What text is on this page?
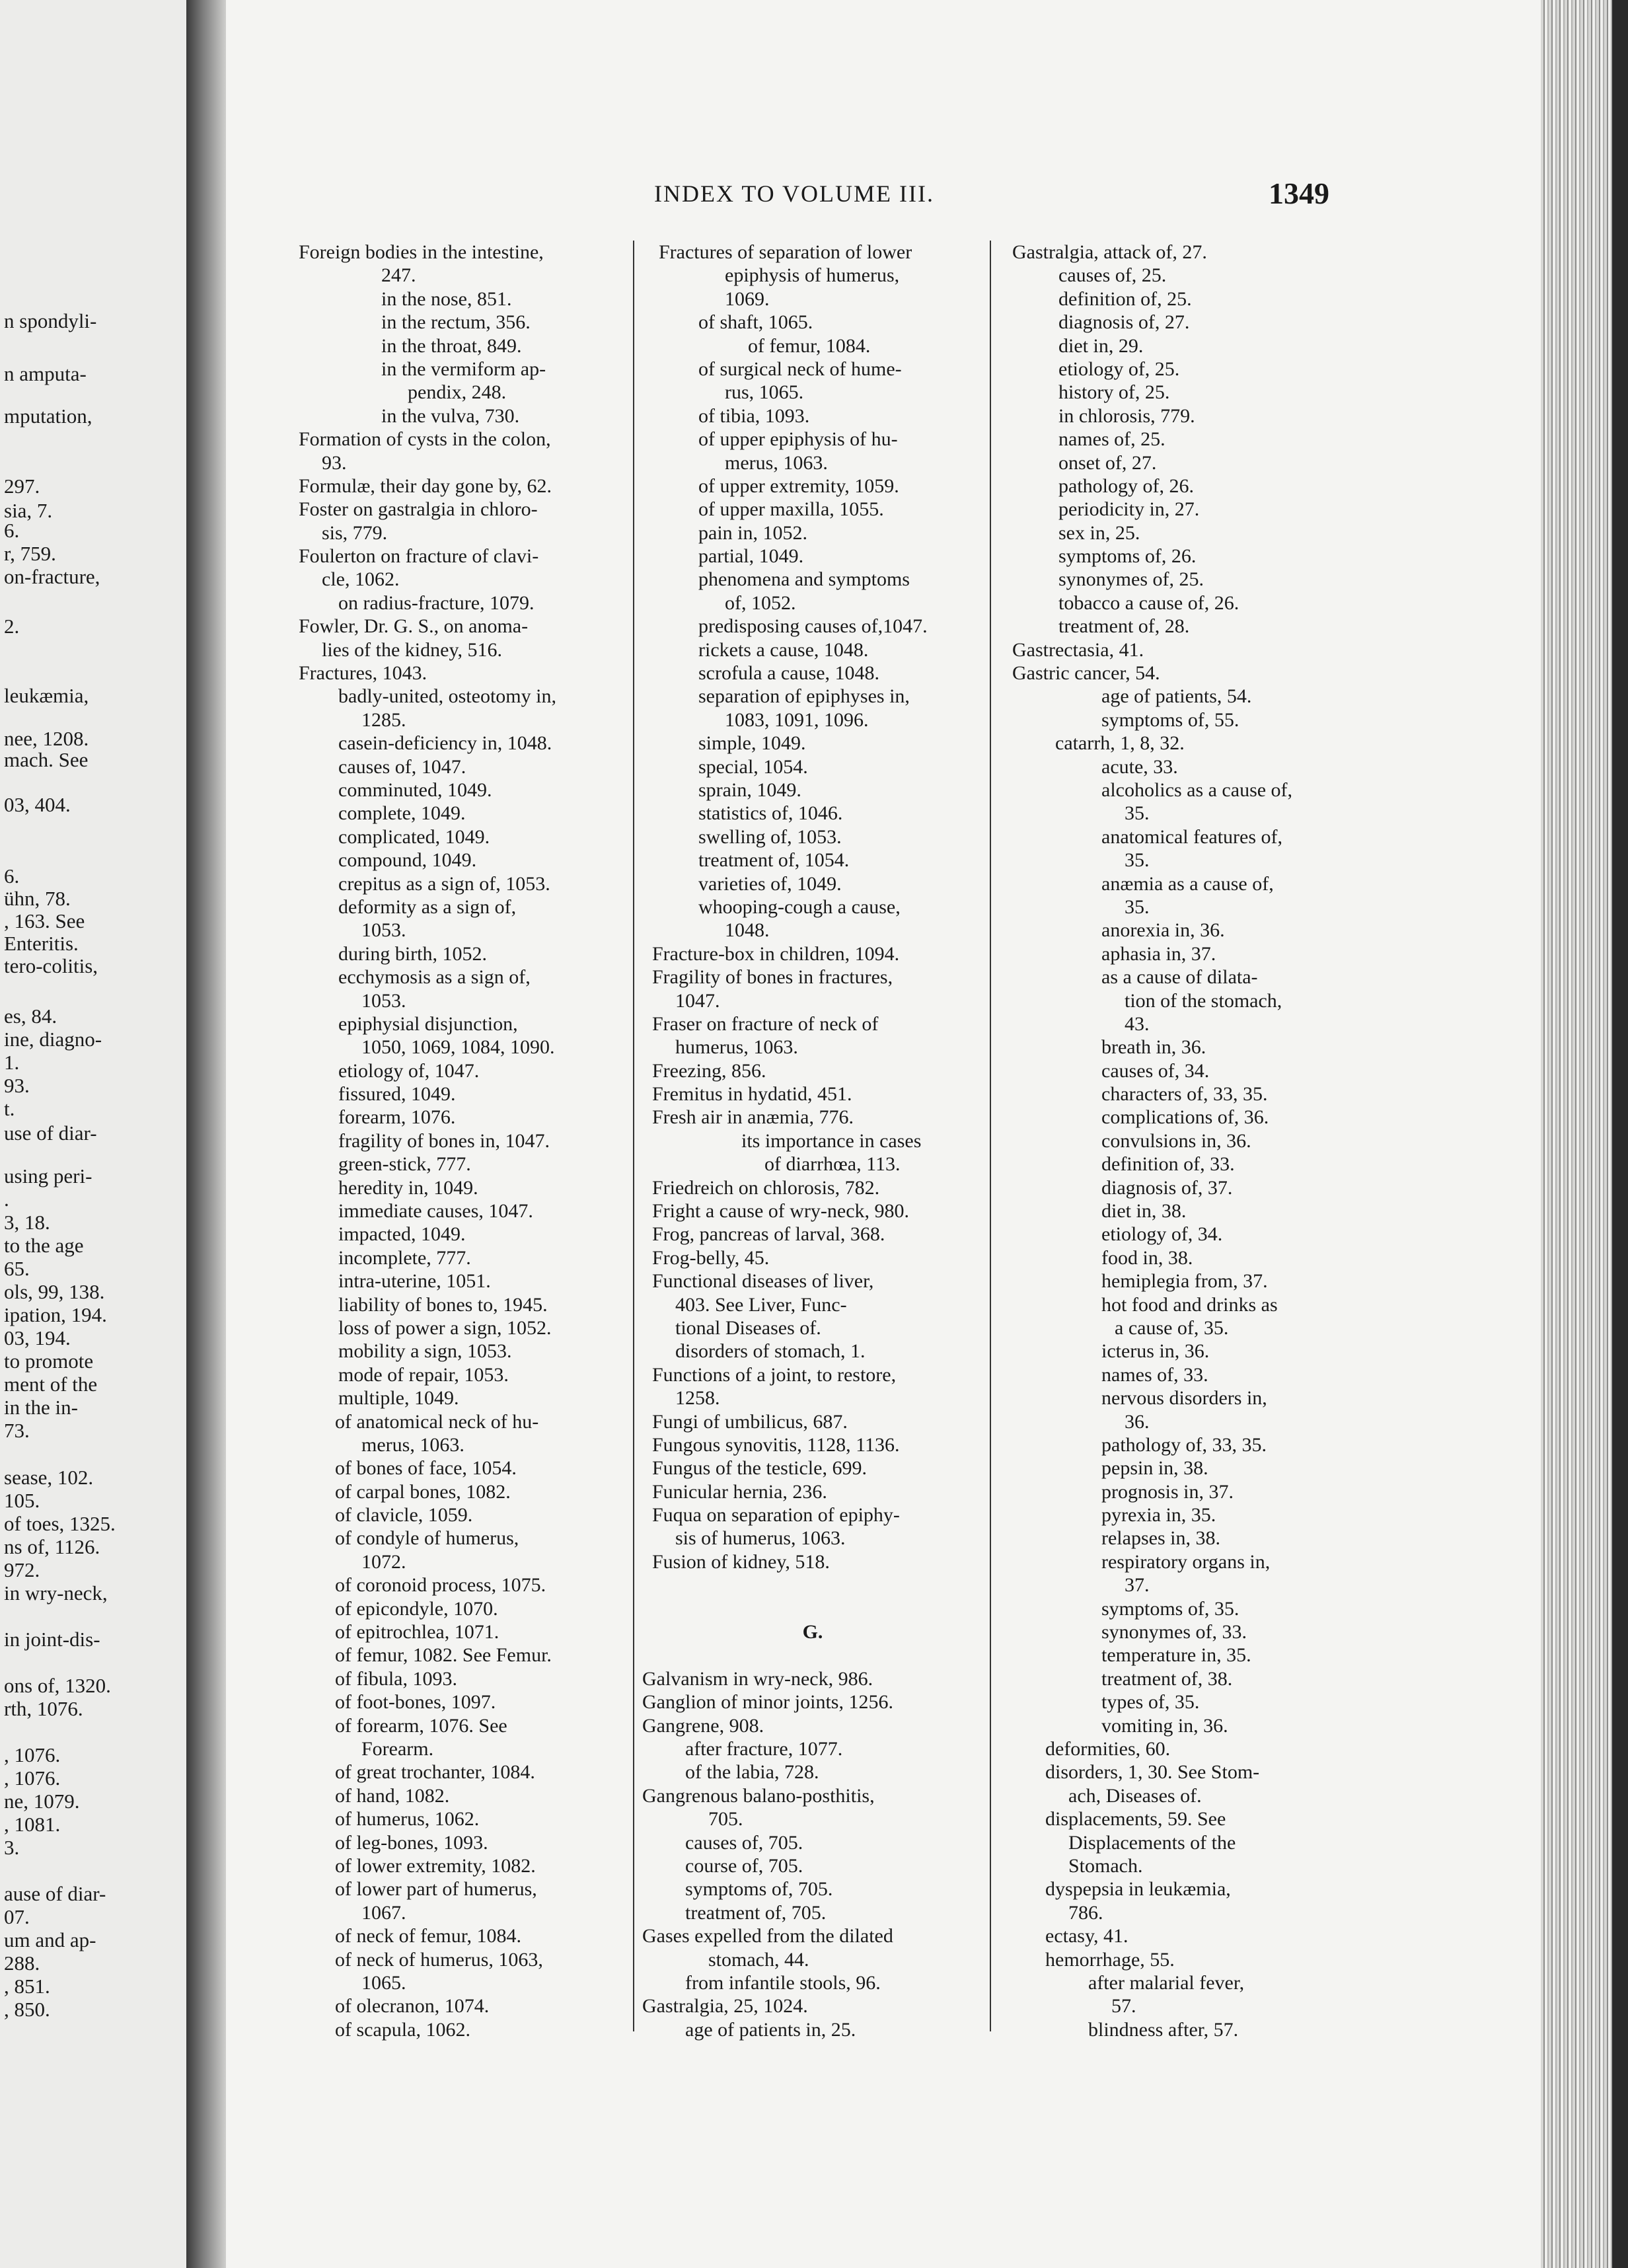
n spondyli-
n amputa-
mputation,
297.
sia, 7.
6.
r, 759.
on-fracture,
2.
leukæmia,
nee, 1208.
mach. See
03, 404.
6.
ühn, 78.
, 163. See
Enteritis.
tero-colitis,
es, 84.
ine, diagno-
1.
93.
t.
use of diar-
using peri-
.
3, 18.
to the age
65.
ols, 99, 138.
ipation, 194.
03, 194.
to promote
ment of the
in the in-
73.
sease, 102.
105.
of toes, 1325.
ns of, 1126.
972.
in wry-neck,
in joint-dis-
ons of, 1320.
rth, 1076.
, 1076.
, 1076.
ne, 1079.
, 1081.
3.
ause of diar-
07.
um and ap-
288.
, 851.
, 850.
INDEX TO VOLUME III.	1349
Foreign bodies in the intestine,
247.
in the nose, 851.
in the rectum, 356.
in the throat, 849.
in the vermiform ap-
pendix, 248.
in the vulva, 730.
Formation of cysts in the colon,
93.
Formulæ, their day gone by, 62.
Foster on gastralgia in chloro-
sis, 779.
Foulerton on fracture of clavi-
cle, 1062.
on radius-fracture, 1079.
Fowler, Dr. G. S., on anoma-
lies of the kidney, 516.
Fractures, 1043.
badly-united, osteotomy in,
1285.
casein-deficiency in, 1048.
causes of, 1047.
comminuted, 1049.
complete, 1049.
complicated, 1049.
compound, 1049.
crepitus as a sign of, 1053.
deformity as a sign of,
1053.
during birth, 1052.
ecchymosis as a sign of,
1053.
epiphysial disjunction,
1050, 1069, 1084, 1090.
etiology of, 1047.
fissured, 1049.
forearm, 1076.
fragility of bones in, 1047.
green-stick, 777.
heredity in, 1049.
immediate causes, 1047.
impacted, 1049.
incomplete, 777.
intra-uterine, 1051.
liability of bones to, 1945.
loss of power a sign, 1052.
mobility a sign, 1053.
mode of repair, 1053.
multiple, 1049.
of anatomical neck of hu-
merus, 1063.
of bones of face, 1054.
of carpal bones, 1082.
of clavicle, 1059.
of condyle of humerus,
1072.
of coronoid process, 1075.
of epicondyle, 1070.
of epitrochlea, 1071.
of femur, 1082. See Femur.
of fibula, 1093.
of foot-bones, 1097.
of forearm, 1076. See
Forearm.
of great trochanter, 1084.
of hand, 1082.
of humerus, 1062.
of leg-bones, 1093.
of lower extremity, 1082.
of lower part of humerus,
1067.
of neck of femur, 1084.
of neck of humerus, 1063,
1065.
of olecranon, 1074.
of scapula, 1062.
Fractures of separation of lower
epiphysis of humerus,
1069.
of shaft, 1065.
of femur, 1084.
of surgical neck of hume-
rus, 1065.
of tibia, 1093.
of upper epiphysis of hu-
merus, 1063.
of upper extremity, 1059.
of upper maxilla, 1055.
pain in, 1052.
partial, 1049.
phenomena and symptoms
of, 1052.
predisposing causes of,1047.
rickets a cause, 1048.
scrofula a cause, 1048.
separation of epiphyses in,
1083, 1091, 1096.
simple, 1049.
special, 1054.
sprain, 1049.
statistics of, 1046.
swelling of, 1053.
treatment of, 1054.
varieties of, 1049.
whooping-cough a cause,
1048.
Fracture-box in children, 1094.
Fragility of bones in fractures,
1047.
Fraser on fracture of neck of
humerus, 1063.
Freezing, 856.
Fremitus in hydatid, 451.
Fresh air in anæmia, 776.
its importance in cases
of diarrhœa, 113.
Friedreich on chlorosis, 782.
Fright a cause of wry-neck, 980.
Frog, pancreas of larval, 368.
Frog-belly, 45.
Functional diseases of liver,
403. See Liver, Func-
tional Diseases of.
disorders of stomach, 1.
Functions of a joint, to restore,
1258.
Fungi of umbilicus, 687.
Fungous synovitis, 1128, 1136.
Fungus of the testicle, 699.
Funicular hernia, 236.
Fuqua on separation of epiphy-
sis of humerus, 1063.
Fusion of kidney, 518.
G.
Galvanism in wry-neck, 986.
Ganglion of minor joints, 1256.
Gangrene, 908.
after fracture, 1077.
of the labia, 728.
Gangrenous balano-posthitis,
705.
causes of, 705.
course of, 705.
symptoms of, 705.
treatment of, 705.
Gases expelled from the dilated
stomach, 44.
from infantile stools, 96.
Gastralgia, 25, 1024.
age of patients in, 25.
Gastralgia, attack of, 27.
causes of, 25.
definition of, 25.
diagnosis of, 27.
diet in, 29.
etiology of, 25.
history of, 25.
in chlorosis, 779.
names of, 25.
onset of, 27.
pathology of, 26.
periodicity in, 27.
sex in, 25.
symptoms of, 26.
synonymes of, 25.
tobacco a cause of, 26.
treatment of, 28.
Gastrectasia, 41.
Gastric cancer, 54.
age of patients, 54.
symptoms of, 55.
catarrh, 1, 8, 32.
acute, 33.
alcoholics as a cause of,
35.
anatomical features of,
35.
anæmia as a cause of,
35.
anorexia in, 36.
aphasia in, 37.
as a cause of dilata-
tion of the stomach,
43.
breath in, 36.
causes of, 34.
characters of, 33, 35.
complications of, 36.
convulsions in, 36.
definition of, 33.
diagnosis of, 37.
diet in, 38.
etiology of, 34.
food in, 38.
hemiplegia from, 37.
hot food and drinks as
a cause of, 35.
icterus in, 36.
names of, 33.
nervous disorders in,
36.
pathology of, 33, 35.
pepsin in, 38.
prognosis in, 37.
pyrexia in, 35.
relapses in, 38.
respiratory organs in,
37.
symptoms of, 35.
synonymes of, 33.
temperature in, 35.
treatment of, 38.
types of, 35.
vomiting in, 36.
deformities, 60.
disorders, 1, 30. See Stom-
ach, Diseases of.
displacements, 59. See
Displacements of the
Stomach.
dyspepsia in leukæmia,
786.
ectasy, 41.
hemorrhage, 55.
after malarial fever,
57.
blindness after, 57.
